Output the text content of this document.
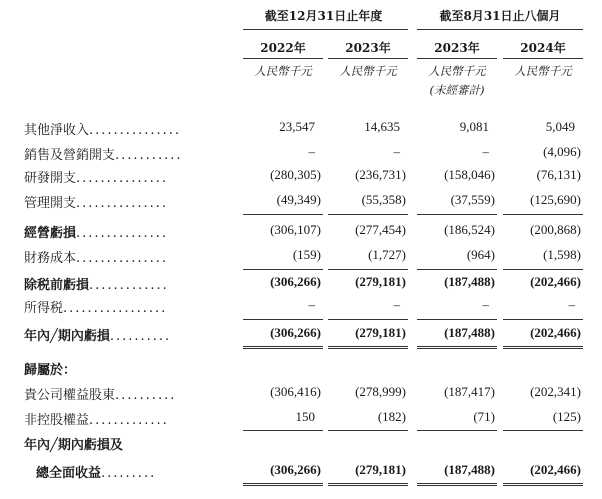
截至12月31日止年度	截至8月31日止八個月
2022年	2023年	2023年	2024年
人民幣千元	人民幣千元	人民幣千元	人民幣千元
(未經審計)
其他淨收入...............	23,547	14,635	9,081	5,049
銷售及營銷開支...........	–	–	–	(4,096)
研發開支...............	(280,305)	(236,731)	(158,046)	(76,131)
管理開支...............	(49,349)	(55,358)	(37,559)	(125,690)
經營虧損...............	(306,107)	(277,454)	(186,524)	(200,868)
財務成本...............	(159)	(1,727)	(964)	(1,598)
除税前虧損.............	(306,266)	(279,181)	(187,488)	(202,466)
所得税.................	–	–	–	–
年內╱期內虧損..........	(306,266)	(279,181)	(187,488)	(202,466)
歸屬於：
貴公司權益股東..........	(306,416)	(278,999)	(187,417)	(202,341)
非控股權益.............	150	(182)	(71)	(125)
年內╱期內虧損及
總全面收益.........	(306,266)	(279,181)	(187,488)	(202,466)
